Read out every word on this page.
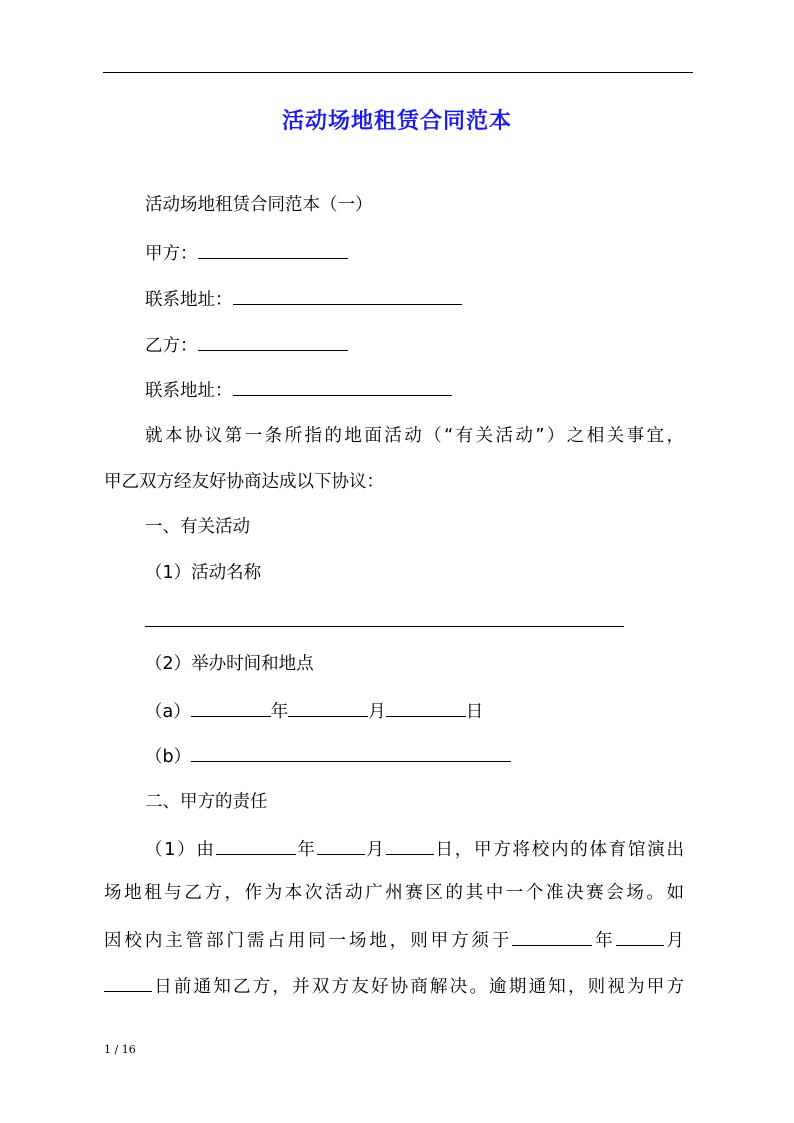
活动场地租赁合同范本
活动场地租赁合同范本（一）
甲方：
联系地址：
乙方：
联系地址：
就本协议第一条所指的地面活动（“有关活动”）之相关事宜，
甲乙双方经友好协商达成以下协议：
一、有关活动
（1）活动名称
（2）举办时间和地点
（a）	年	月	日
（b）
二、甲方的责任
（1）由	年	月	日，甲方将校内的体育馆演出
场地租与乙方，作为本次活动广州赛区的其中一个准决赛会场。如
因校内主管部门需占用同一场地，则甲方须于	年	月
日前通知乙方，并双方友好协商解决。逾期通知，则视为甲方
1 / 16
